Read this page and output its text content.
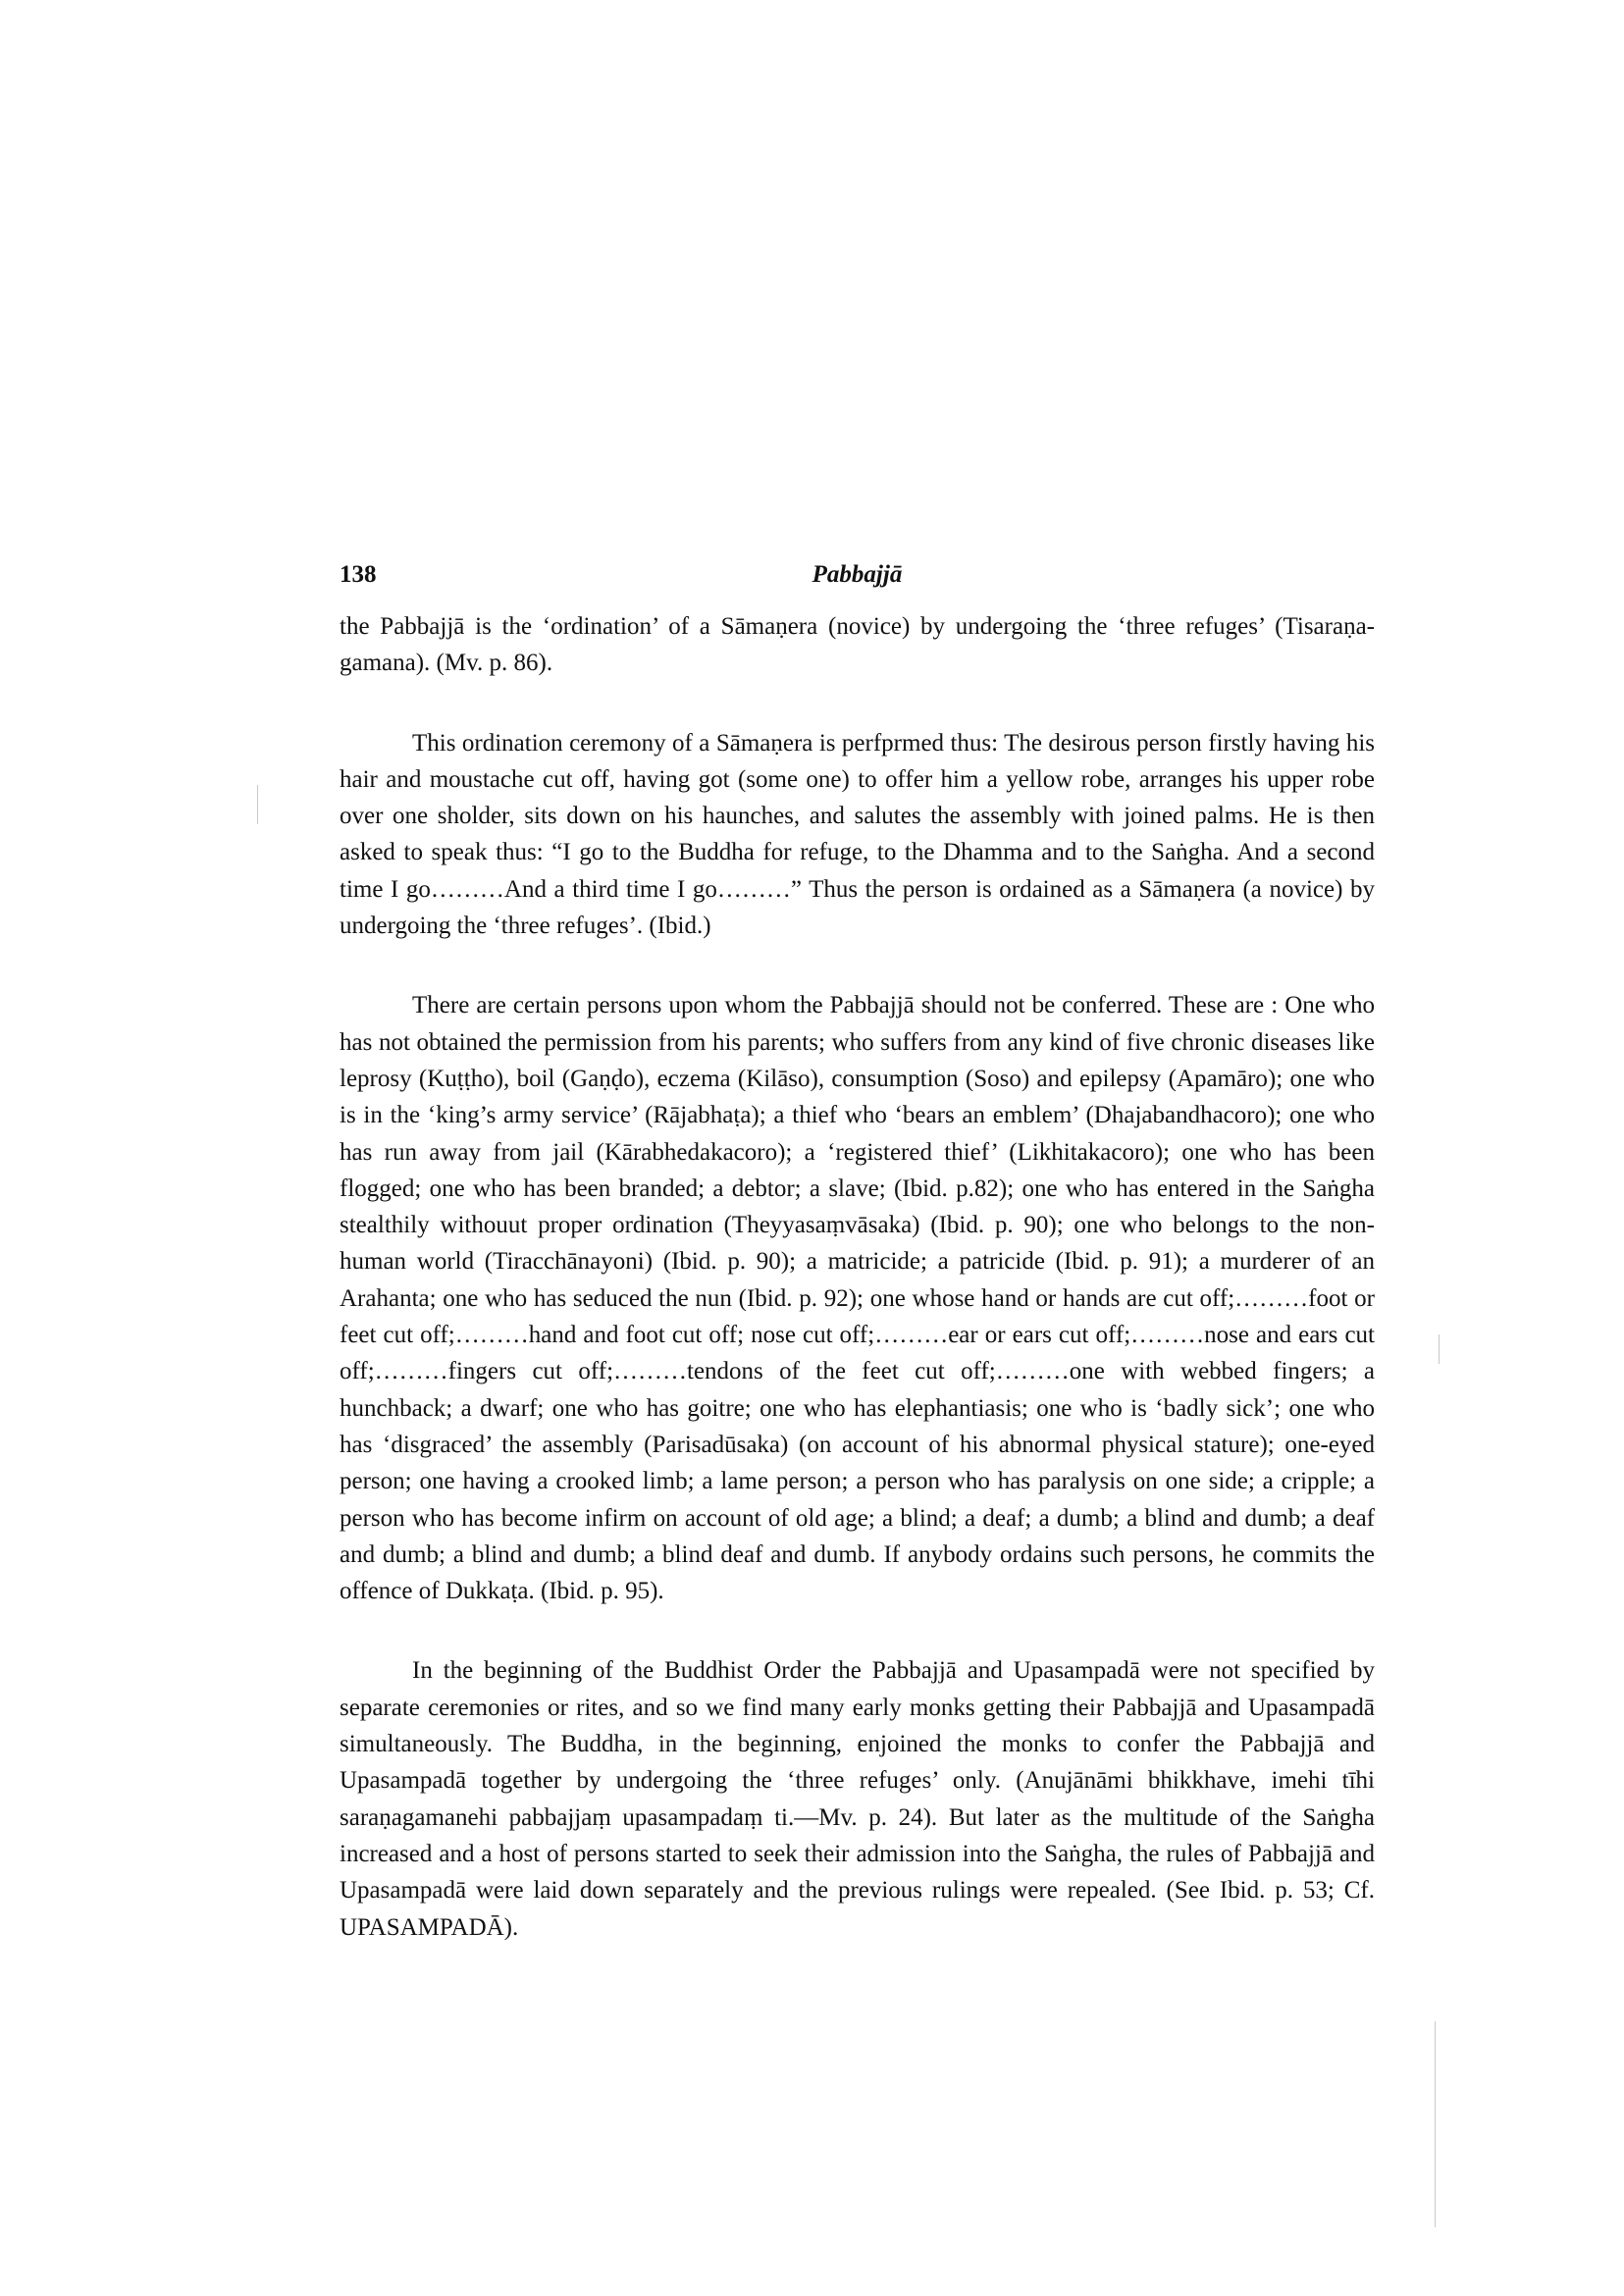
138	Pabbajjā

the Pabbajjā is the ‘ordination’ of a Sāmaṇera (novice) by undergoing the ‘three refuges’ (Tisaraṇa-gamana). (Mv. p. 86).

This ordination ceremony of a Sāmaṇera is perfprmed thus: The desirous person firstly having his hair and moustache cut off, having got (some one) to offer him a yellow robe, arranges his upper robe over one sholder, sits down on his haunches, and salutes the assembly with joined palms. He is then asked to speak thus: “I go to the Buddha for refuge, to the Dhamma and to the Saṅgha. And a second time I go………And a third time I go………” Thus the person is ordained as a Sāmaṇera (a novice) by undergoing the ‘three refuges’. (Ibid.)

There are certain persons upon whom the Pabbajjā should not be conferred. These are : One who has not obtained the permission from his parents; who suffers from any kind of five chronic diseases like leprosy (Kuṭṭho), boil (Gaṇḍo), eczema (Kilāso), consumption (Soso) and epilepsy (Apamāro); one who is in the ‘king’s army service’ (Rājabhaṭa); a thief who ‘bears an emblem’ (Dhajabandhacoro); one who has run away from jail (Kārabhedakacoro); a ‘registered thief’ (Likhitakacoro); one who has been flogged; one who has been branded; a debtor; a slave; (Ibid. p.82); one who has entered in the Saṅgha stealthily withouut proper ordination (Theyyasaṃvāsaka) (Ibid. p. 90); one who belongs to the non-human world (Tiracchānayoni) (Ibid. p. 90); a matricide; a patricide (Ibid. p. 91); a murderer of an Arahanta; one who has seduced the nun (Ibid. p. 92); one whose hand or hands are cut off;………foot or feet cut off;………hand and foot cut off; nose cut off;………ear or ears cut off;………nose and ears cut off;………fingers cut off;………tendons of the feet cut off;………one with webbed fingers; a hunchback; a dwarf; one who has goitre; one who has elephantiasis; one who is ‘badly sick’; one who has ‘disgraced’ the assembly (Parisadūsaka) (on account of his abnormal physical stature); one-eyed person; one having a crooked limb; a lame person; a person who has paralysis on one side; a cripple; a person who has become infirm on account of old age; a blind; a deaf; a dumb; a blind and dumb; a deaf and dumb; a blind and dumb; a blind deaf and dumb. If anybody ordains such persons, he commits the offence of Dukkaṭa. (Ibid. p. 95).

In the beginning of the Buddhist Order the Pabbajjā and Upasampadā were not specified by separate ceremonies or rites, and so we find many early monks getting their Pabbajjā and Upasampadā simultaneously. The Buddha, in the beginning, enjoined the monks to confer the Pabbajjā and Upasampadā together by undergoing the ‘three refuges’ only. (Anujānāmi bhikkhave, imehi tīhi saraṇagamanehi pabbajjaṃ upasampadaṃ ti.—Mv. p. 24). But later as the multitude of the Saṅgha increased and a host of persons started to seek their admission into the Saṅgha, the rules of Pabbajjā and Upasampadā were laid down separately and the previous rulings were repealed. (See Ibid. p. 53; Cf. UPASAMPADĀ).
